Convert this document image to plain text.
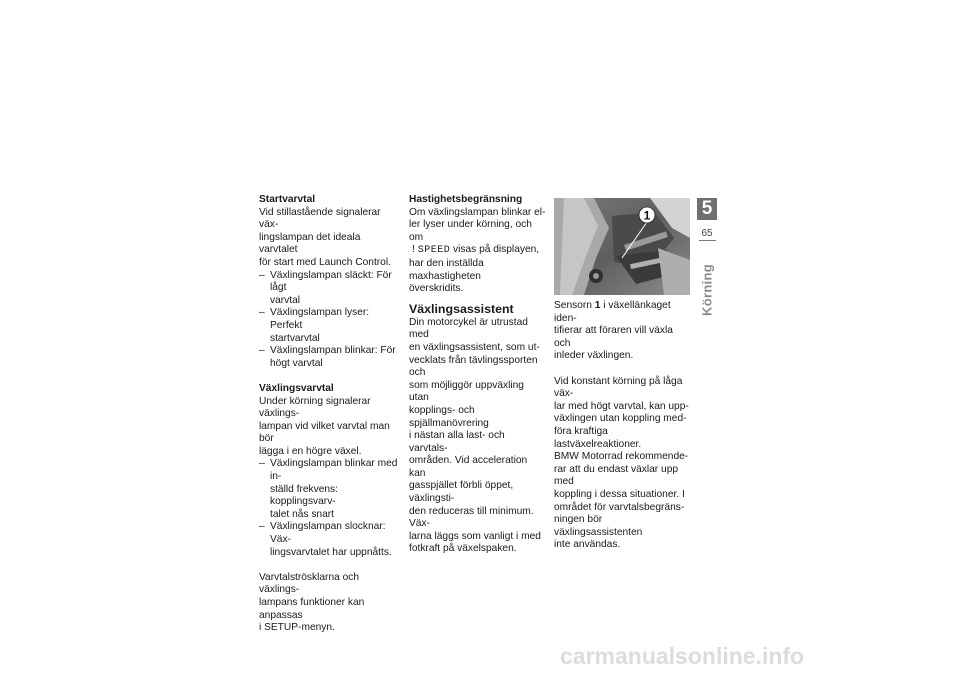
Startvarvtal

Vid stillastående signalerar väx-
lingslampan det ideala varvtalet
för start med Launch Control.

– Växlingslampan släckt: För lågt
varvtal
– Växlingslampan lyser: Perfekt
startvarvtal
– Växlingslampan blinkar: För
högt varvtal
Växlingsvarvtal

Under körning signalerar växlings-
lampan vid vilket varvtal man bör
lägga i en högre växel.

– Växlingslampan blinkar med in-
ställd frekvens: kopplingsvarv-
talet nås snart
– Växlingslampan slocknar: Väx-
lingsvarvtalet har uppnåtts.

Varvtalströsklarna och växlings-
lampans funktioner kan anpassas
i SETUP-menyn.

Hastighetsbegränsning

Om växlingslampan blinkar el-
ler lyser under körning, och om
! SPEED visas på displayen,
har den inställda maxhastigheten
överskridits.

Växlingsassistent

Din motorcykel är utrustad med
en växlingsassistent, som ut-
vecklats från tävlingssporten och
som möjliggör uppväxling utan
kopplings- och spjällmanövrering
i nästan alla last- och varvtals-
områden. Vid acceleration kan
gasspjället förbli öppet, växlingsti-
den reduceras till minimum. Väx-
larna läggs som vanligt i med
fotkraft på växelspaken.

1

Sensorn 1 i växellänkaget iden-
tifierar att föraren vill växla och
inleder växlingen.

Vid konstant körning på låga väx-
lar med högt varvtal, kan upp-
växlingen utan koppling med-
föra kraftiga lastväxelreaktioner.
BMW Motorrad rekommende-
rar att du endast växlar upp med
koppling i dessa situationer. I
området för varvtalsbegräns-
ningen bör växlingsassistenten
inte användas.

5
65
Körning
carmanualsonline.info
